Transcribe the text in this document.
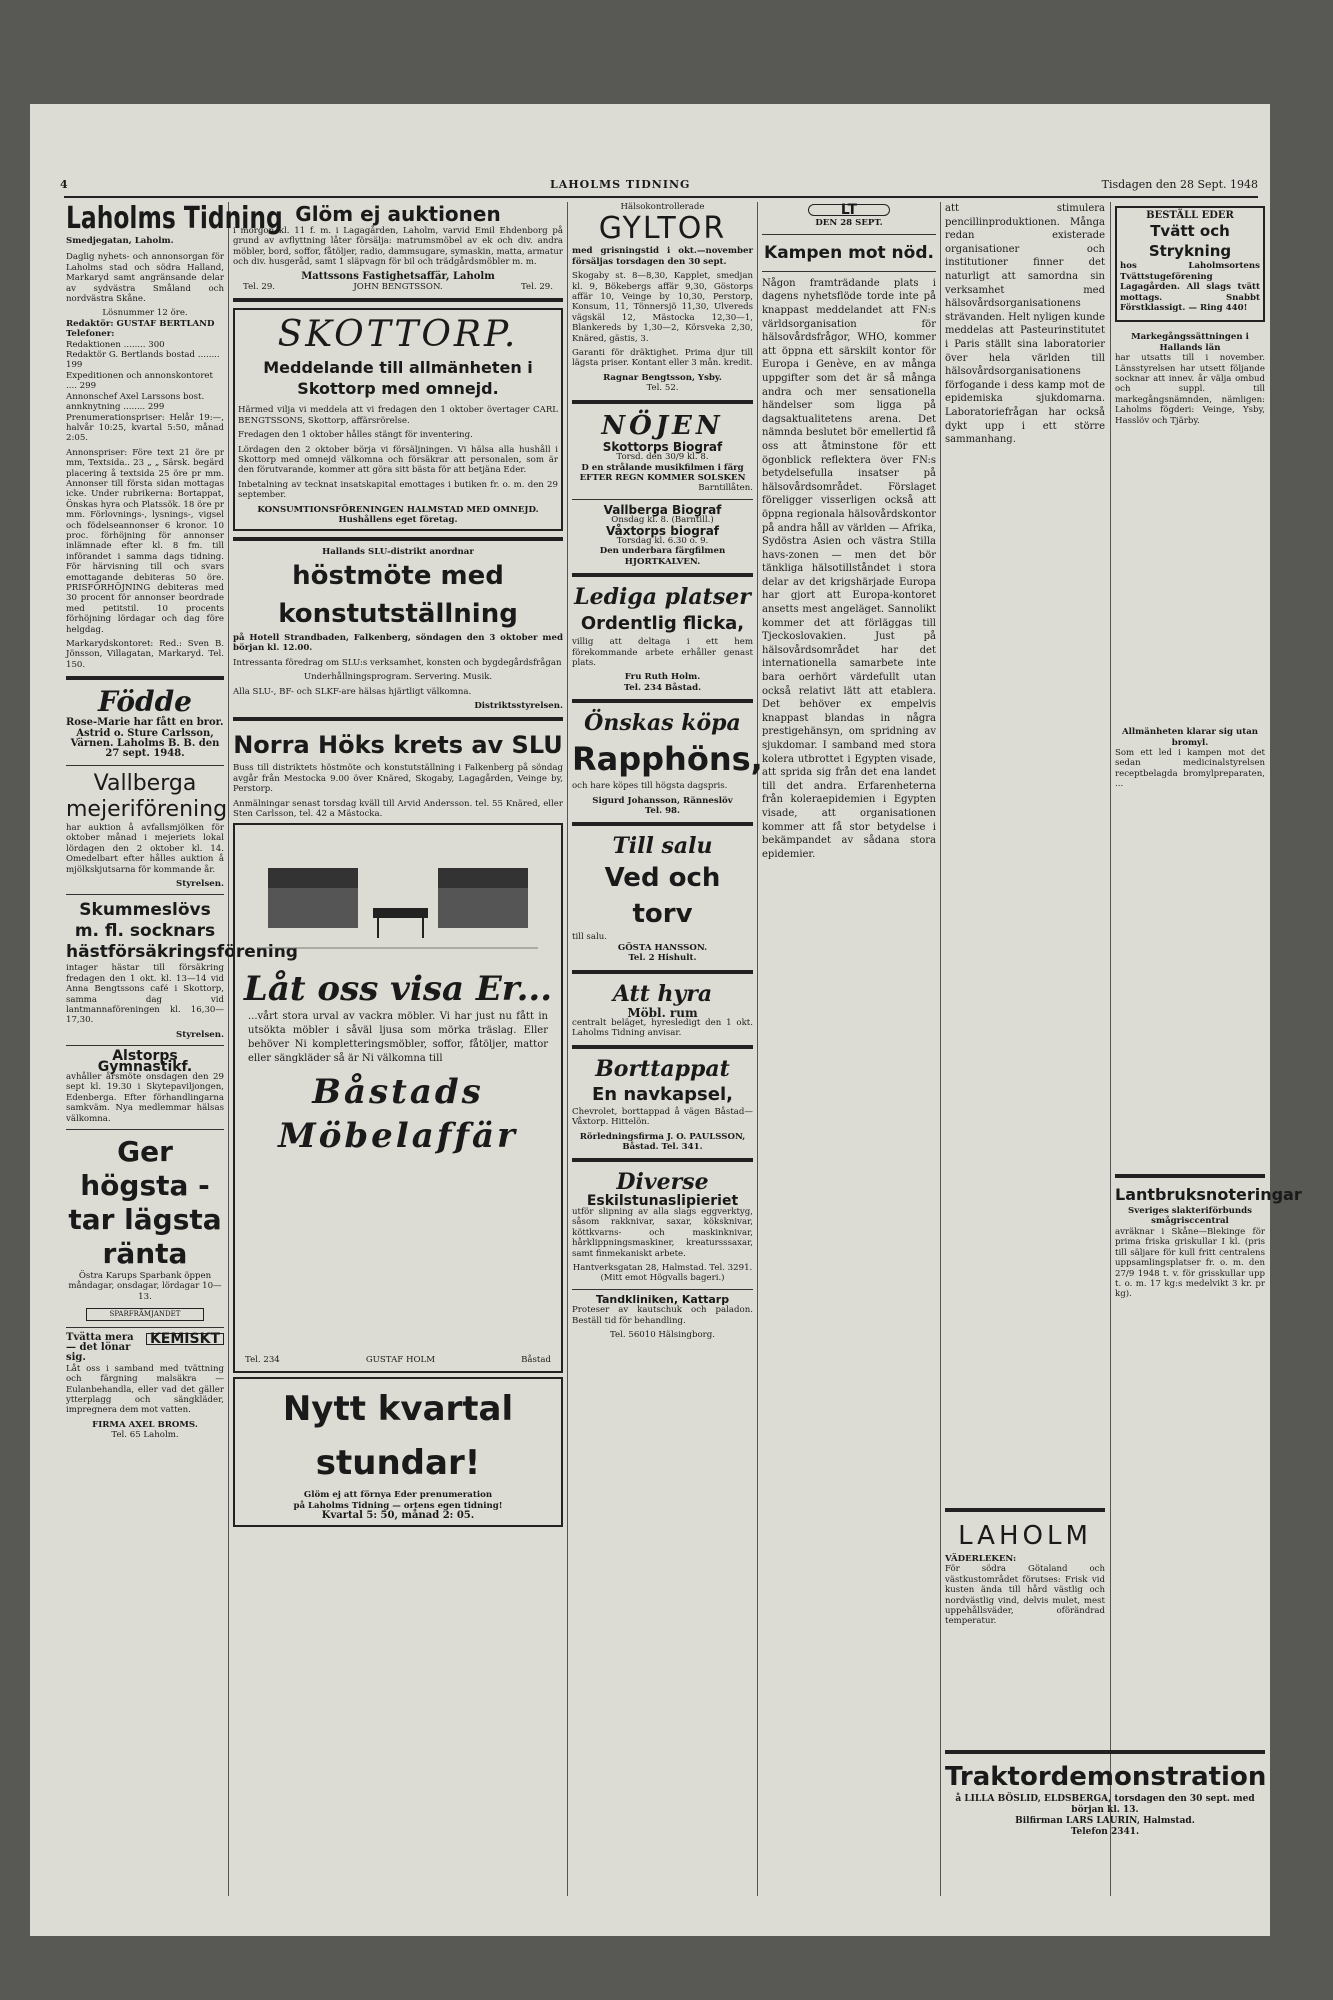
4	LAHOLMS TIDNING	Tisdagen den 28 Sept. 1948
Laholms Tidning
Smedjegatan, Laholm.

Daglig nyhets- och annonsorgan för Laholms stad och södra Halland, Markaryd samt angränsande delar av sydvästra Småland och nordvästra Skåne.

Lösnummer 12 öre.
Redaktör: GUSTAF BERTLAND
Telefoner:
Redaktionen ........ 300
Redaktör G. Bertlands bostad ........ 199
Expeditionen och annonskontoret .... 299
Annonschef Axel Larssons bost. annknytning ........ 299

Prenumerationspriser: Helår 19:—, halvår 10:25, kvartal 5:50, månad 2:05.

Annonspriser: Före text 21 öre pr mm, Textsida.. 23 „ „ Särsk. begärd placering å textsida 25 öre pr mm. Annonser till första sidan mottagas icke. Under rubrikerna: Bortappat, Önskas hyra och Platssök. 18 öre pr mm. Förlovnings-, lysnings-, vigsel och födelseannonser 6 kronor. 10 proc. förhöjning för annonser inlämnade efter kl. 8 fm. till införandet i samma dags tidning. För härvisning till och svars emottagande debiteras 50 öre. PRISFÖRHÖJNING debiteras med 30 procent för annonser beordrade med petitstil. 10 procents förhöjning lördagar och dag före helgdag.

Markarydskontoret: Red.: Sven B. Jönsson, Villagatan, Markaryd. Tel. 150.

Födde
Rose-Marie har fått en bror.
Astrid o. Sture Carlsson, Värnen. Laholms B. B. den 27 sept. 1948.
Vallberga mejeriförening

har auktion å avfallsmjölken för oktober månad i mejeriets lokal lördagen den 2 oktober kl. 14. Omedelbart efter hålles auktion å mjölkskjutsarna för kommande år.

Styrelsen.
Skummeslövs m. fl. socknars hästförsäkringsförening

intager hästar till försäkring fredagen den 1 okt. kl. 13—14 vid Anna Bengtssons café i Skottorp, samma dag vid lantmannaföreningen kl. 16,30—17,30.

Styrelsen.
Alstorps Gymnastikf.

avhåller årsmöte onsdagen den 29 sept kl. 19.30 i Skytepaviljongen, Edenberga. Efter förhandlingarna samkväm. Nya medlemmar hälsas välkomna.

Ger högsta - tar lägsta ränta
Östra Karups Sparbank öppen måndagar, onsdagar, lördagar 10—13.
SPARFRÄMJANDET
KEMISKT
Tvätta mera — det lönar sig.

Låt oss i samband med tvättning och färgning malsäkra — Eulanbehandla, eller vad det gäller ytterplagg och sängkläder, impregnera dem mot vatten.

FIRMA AXEL BROMS.
Tel. 65 Laholm.
Glöm ej auktionen

i morgon kl. 11 f. m. i Lagagården, Laholm, varvid Emil Ehdenborg på grund av avflyttning låter försälja: matrumsmöbel av ek och div. andra möbler, bord, soffor, fåtöljer, radio, dammsugare, symaskin, matta, armatur och div. husgeråd, samt 1 släpvagn för bil och trädgårdsmöbler m. m.

Mattssons Fastighetsaffär, Laholm
Tel. 29.	JOHN BENGTSSON.	Tel. 29.
SKOTTORP.
Meddelande till allmänheten i Skottorp med omnejd.

Härmed vilja vi meddela att vi fredagen den 1 oktober övertager CARL BENGTSSONS, Skottorp, affärsrörelse.

Fredagen den 1 oktober hålles stängt för inventering.

Lördagen den 2 oktober börja vi försäljningen. Vi hälsa alla hushåll i Skottorp med omnejd välkomna och försäkrar att personalen, som är den förutvarande, kommer att göra sitt bästa för att betjäna Eder.

Inbetalning av tecknat insatskapital emottages i butiken fr. o. m. den 29 september.

KONSUMTIONSFÖRENINGEN HALMSTAD MED OMNEJD.
Hushållens eget företag.
Hallands SLU-distrikt anordnar
höstmöte med konstutställning

på Hotell Strandbaden, Falkenberg, söndagen den 3 oktober med början kl. 12.00.

Intressanta föredrag om SLU:s verksamhet, konsten och bygdegårdsfrågan

Underhållningsprogram. Servering. Musik.

Alla SLU-, BF- och SLKF-are hälsas hjärtligt välkomna.

Distriktsstyrelsen.
Norra Höks krets av SLU

Buss till distriktets höstmöte och konstutställning i Falkenberg på söndag avgår från Mestocka 9.00 över Knäred, Skogaby, Lagagården, Veinge by, Perstorp.

Anmälningar senast torsdag kväll till Arvid Andersson. tel. 55 Knäred, eller Sten Carlsson, tel. 42 a Mästocka.

Låt oss visa Er...

...vårt stora urval av vackra möbler. Vi har just nu fått in utsökta möbler i såväl ljusa som mörka träslag. Eller behöver Ni kompletteringsmöbler, soffor, fåtöljer, mattor eller sängkläder så är Ni välkomna till

Båstads Möbelaffär
Tel. 234	GUSTAF HOLM	Båstad
Nytt kvartal stundar!
Glöm ej att förnya Eder prenumeration
på Laholms Tidning — ortens egen tidning!
Kvartal 5: 50, månad 2: 05.
Hälsokontrollerade
GYLTOR

med grisningstid i okt.—november försäljas torsdagen den 30 sept.

Skogaby st. 8—8,30, Kapplet, smedjan kl. 9, Bökebergs affär 9,30, Göstorps affär 10, Veinge by 10,30, Perstorp, Konsum, 11, Tönnersjö 11,30, Ulvereds vägskäl 12, Mästocka 12,30—1, Blankereds by 1,30—2, Körsveka 2,30, Knäred, gästis, 3.

Garanti för dräktighet. Prima djur till lägsta priser. Kontant eller 3 mån. kredit.

Ragnar Bengtsson, Ysby.
Tel. 52.
NÖJEN
Skottorps Biograf
Torsd. den 30/9 kl. 8.
D en strålande musikfilmen i färg EFTER REGN KOMMER SOLSKEN
Barntillåten.
Vallberga Biograf
Onsdag kl. 8. (Barntill.)
Våxtorps biograf
Torsdag kl. 6.30 o. 9.
Den underbara färgfilmen HJORTKALVEN.
Lediga platser
Ordentlig flicka,

villig att deltaga i ett hem förekommande arbete erhåller genast plats.

Fru Ruth Holm.
Tel. 234 Båstad.
Önskas köpa
Rapphöns,

och hare köpes till högsta dagspris.

Sigurd Johansson, Ränneslöv
Tel. 98.
Till salu
Ved och torv
till salu.
GÖSTA HANSSON.
Tel. 2 Hishult.
Att hyra
Möbl. rum

centralt beläget, hyresledigt den 1 okt. Laholms Tidning anvisar.

Borttappat
En navkapsel,

Chevrolet, borttappad å vägen Båstad—Våxtorp. Hittelön.

Rörledningsfirma J. O. PAULSSON, Båstad. Tel. 341.
Diverse
Eskilstunaslipieriet

utför slipning av alla slags eggverktyg, såsom rakknivar, saxar, köksknivar, köttkvarns- och maskinknivar, hårklippningsmaskiner, kreatursssaxar, samt finmekaniskt arbete.

Hantverksgatan 28, Halmstad. Tel. 3291. (Mitt emot Högvalls bageri.)
Tandkliniken, Kattarp

Proteser av kautschuk och paladon. Beställ tid för behandling.

Tel. 56010 Hälsingborg.
LT
DEN 28 SEPT.
Kampen mot nöd.

Någon framträdande plats i dagens nyhetsflöde torde inte på knappast meddelandet att FN:s världsorganisation för hälsovårdsfrågor, WHO, kommer att öppna ett särskilt kontor för Europa i Genève, en av många uppgifter som det är så många andra och mer sensationella händelser som ligga på dagsaktualitetens arena. Det nämnda beslutet bör emellertid få oss att åtminstone för ett ögonblick reflektera över FN:s betydelsefulla insatser på hälsovårdsområdet. Förslaget föreligger visserligen också att öppna regionala hälsovårdskontor på andra håll av världen — Afrika, Sydöstra Asien och västra Stilla havs-zonen — men det bör tänkliga hälsotillståndet i stora delar av det krigshärjade Europa har gjort att Europa-kontoret ansetts mest angeläget. Sannolikt kommer det att förläggas till Tjeckoslovakien. Just på hälsovårdsområdet har det internationella samarbete inte bara oerhört värdefullt utan också relativt lätt att etablera. Det behöver ex empelvis knappast blandas in några prestigehänsyn, om spridning av sjukdomar. I samband med stora kolera utbrottet i Egypten visade, att sprida sig från det ena landet till det andra. Erfarenheterna från koleraepidemien i Egypten visade, att organisationen kommer att få stor betydelse i bekämpandet av sådana stora epidemier.

att stimulera pencillinproduktionen. Många redan existerade organisationer och institutioner finner det naturligt att samordna sin verksamhet med hälsovårdsorganisationens strävanden. Helt nyligen kunde meddelas att Pasteurinstitutet i Paris ställt sina laboratorier över hela världen till hälsovårdsorganisationens förfogande i dess kamp mot de epidemiska sjukdomarna. Laboratoriefrågan har också dykt upp i ett större sammanhang.

LAHOLM
VÄDERLEKEN:

För södra Götaland och västkustområdet förutses: Frisk vid kusten ända till hård västlig och nordvästlig vind, delvis mulet, mest uppehållsväder, oförändrad temperatur.

BESTÄLL EDER
Tvätt och Strykning

hos Laholmsortens Tvättstugeförening Lagagården. All slags tvätt mottags. Snabbt Förstklassigt. — Ring 440!

Markegångssättningen i Hallands län

har utsatts till i november. Länsstyrelsen har utsett följande socknar att innev. år välja ombud och suppl. till markegångsnämnden, nämligen: Laholms fögderi: Veinge, Ysby, Hasslöv och Tjärby.

Allmänheten klarar sig utan bromyl.

Som ett led i kampen mot det sedan medicinalstyrelsen receptbelagda bromylpreparaten, ...

Lantbruksnoteringar
Sveriges slakteriförbunds smågrisccentral

avräknar i Skåne—Blekinge för prima friska griskullar I kl. (pris till säljare för kull fritt centralens uppsamlingsplatser fr. o. m. den 27/9 1948 t. v. för grisskullar upp t. o. m. 17 kg:s medelvikt 3 kr. pr kg).

Traktordemonstration
å LILLA BÖSLID, ELDSBERGA, torsdagen den 30 sept. med början kl. 13.
Bilfirman LARS LAURIN, Halmstad.
Telefon 2341.
